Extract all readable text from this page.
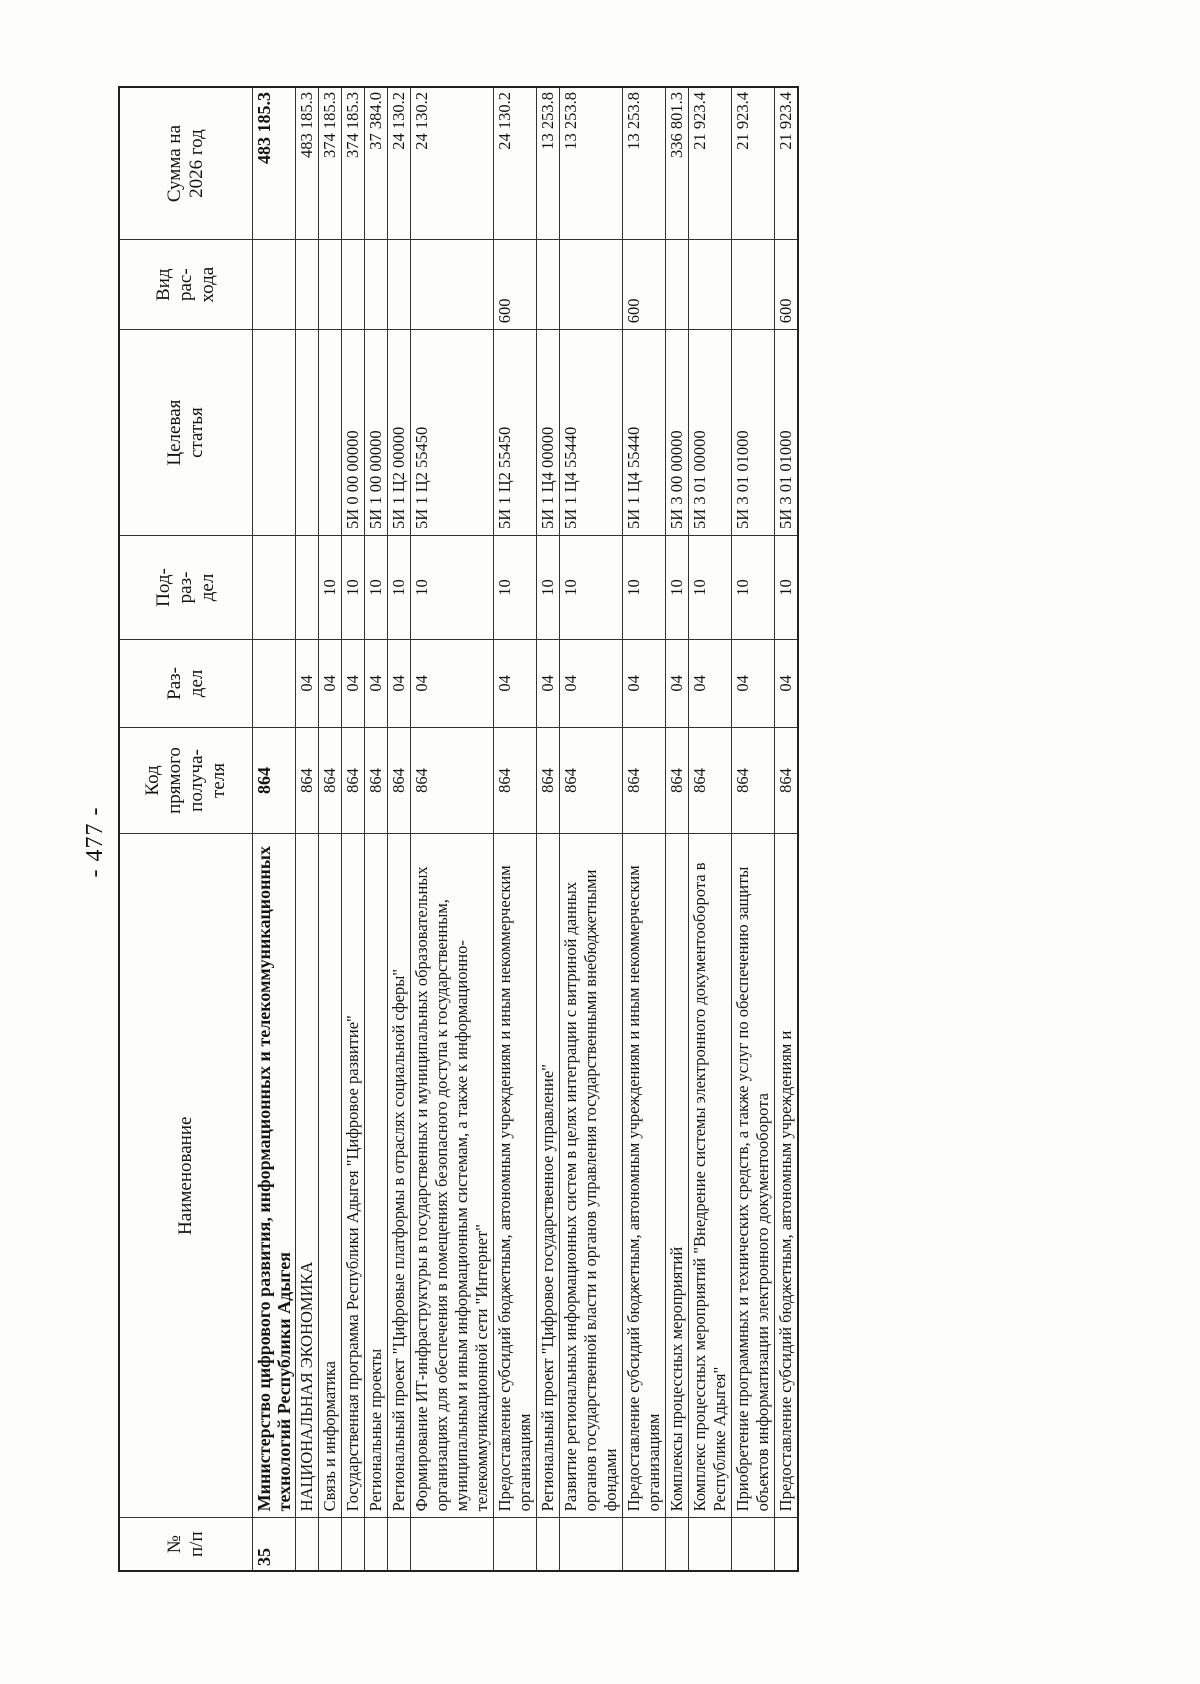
- 477 -
№
п/п	Наименование	Код
прямого
получа-
теля	Раз-
дел	Под-
раз-
дел	Целевая
статья	Вид
рас-
хода	Сумма на
2026 год
35	Министерство цифрового развития, информационных и телекоммуникационных технологий Республики Адыгея	864					483 185.3
	НАЦИОНАЛЬНАЯ ЭКОНОМИКА	864	04				483 185.3
	Связь и информатика	864	04	10			374 185.3
	Государственная программа Республики Адыгея "Цифровое развитие"	864	04	10	5И 0 00 00000		374 185.3
	Региональные проекты	864	04	10	5И 1 00 00000		37 384.0
	Региональный проект "Цифровые платформы в отраслях социальной сферы"	864	04	10	5И 1 Ц2 00000		24 130.2
	Формирование ИТ-инфраструктуры в государственных и муниципальных образовательных организациях для обеспечения в помещениях безопасного доступа к государственным, муниципальным и иным информационным системам, а также к информационно-телекоммуникационной сети "Интернет"	864	04	10	5И 1 Ц2 55450		24 130.2
	Предоставление субсидий бюджетным, автономным учреждениям и иным некоммерческим организациям	864	04	10	5И 1 Ц2 55450	600	24 130.2
	Региональный проект "Цифровое государственное управление"	864	04	10	5И 1 Ц4 00000		13 253.8
	Развитие региональных информационных систем в целях интеграции с витриной данных органов государственной власти и органов управления государственными внебюджетными фондами	864	04	10	5И 1 Ц4 55440		13 253.8
	Предоставление субсидий бюджетным, автономным учреждениям и иным некоммерческим организациям	864	04	10	5И 1 Ц4 55440	600	13 253.8
	Комплексы процессных мероприятий	864	04	10	5И 3 00 00000		336 801.3
	Комплекс процессных мероприятий "Внедрение системы электронного документооборота в Республике Адыгея"	864	04	10	5И 3 01 00000		21 923.4
	Приобретение программных и технических средств, а также услуг по обеспечению защиты объектов информатизации электронного документооборота	864	04	10	5И 3 01 01000		21 923.4
	Предоставление субсидий бюджетным, автономным учреждениям и	864	04	10	5И 3 01 01000	600	21 923.4
